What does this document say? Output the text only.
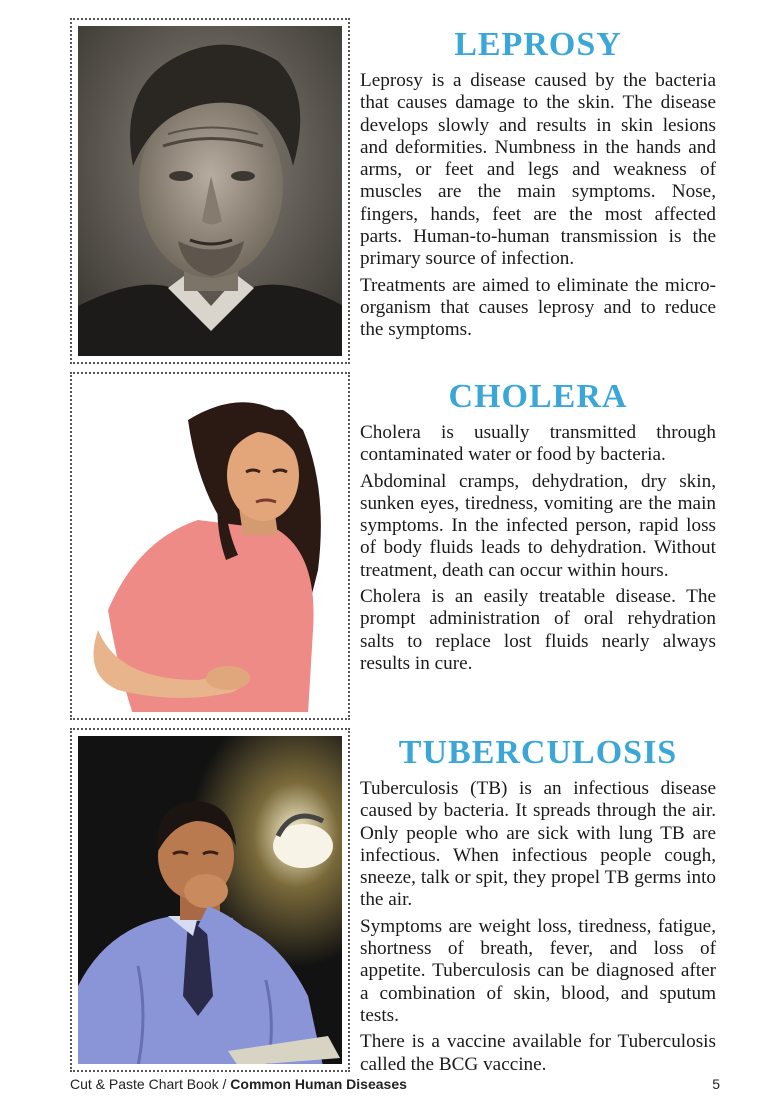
LEPROSY

Leprosy is a disease caused by the bacteria that causes damage to the skin. The disease develops slowly and results in skin lesions and deformities. Numbness in the hands and arms, or feet and legs and weakness of muscles are the main symptoms. Nose, fingers, hands, feet are the most affected parts. Human-to-human transmission is the primary source of infection.

Treatments are aimed to eliminate the micro-organism that causes leprosy and to reduce the symptoms.

CHOLERA

Cholera is usually transmitted through contaminated water or food by bacteria.

Abdominal cramps, dehydration, dry skin, sunken eyes, tiredness, vomiting are the main symptoms. In the infected person, rapid loss of body fluids leads to dehydration. Without treatment, death can occur within hours.

Cholera is an easily treatable disease. The prompt administration of oral rehydration salts to replace lost fluids nearly always results in cure.

TUBERCULOSIS

Tuberculosis (TB) is an infectious disease caused by bacteria. It spreads through the air. Only people who are sick with lung TB are infectious. When infectious people cough, sneeze, talk or spit, they propel TB germs into the air.

Symptoms are weight loss, tiredness, fatigue, shortness of breath, fever, and loss of appetite. Tuberculosis can be diagnosed after a combination of skin, blood, and sputum tests.

There is a vaccine available for Tuberculosis called the BCG vaccine.

Cut & Paste Chart Book / Common Human Diseases	5
